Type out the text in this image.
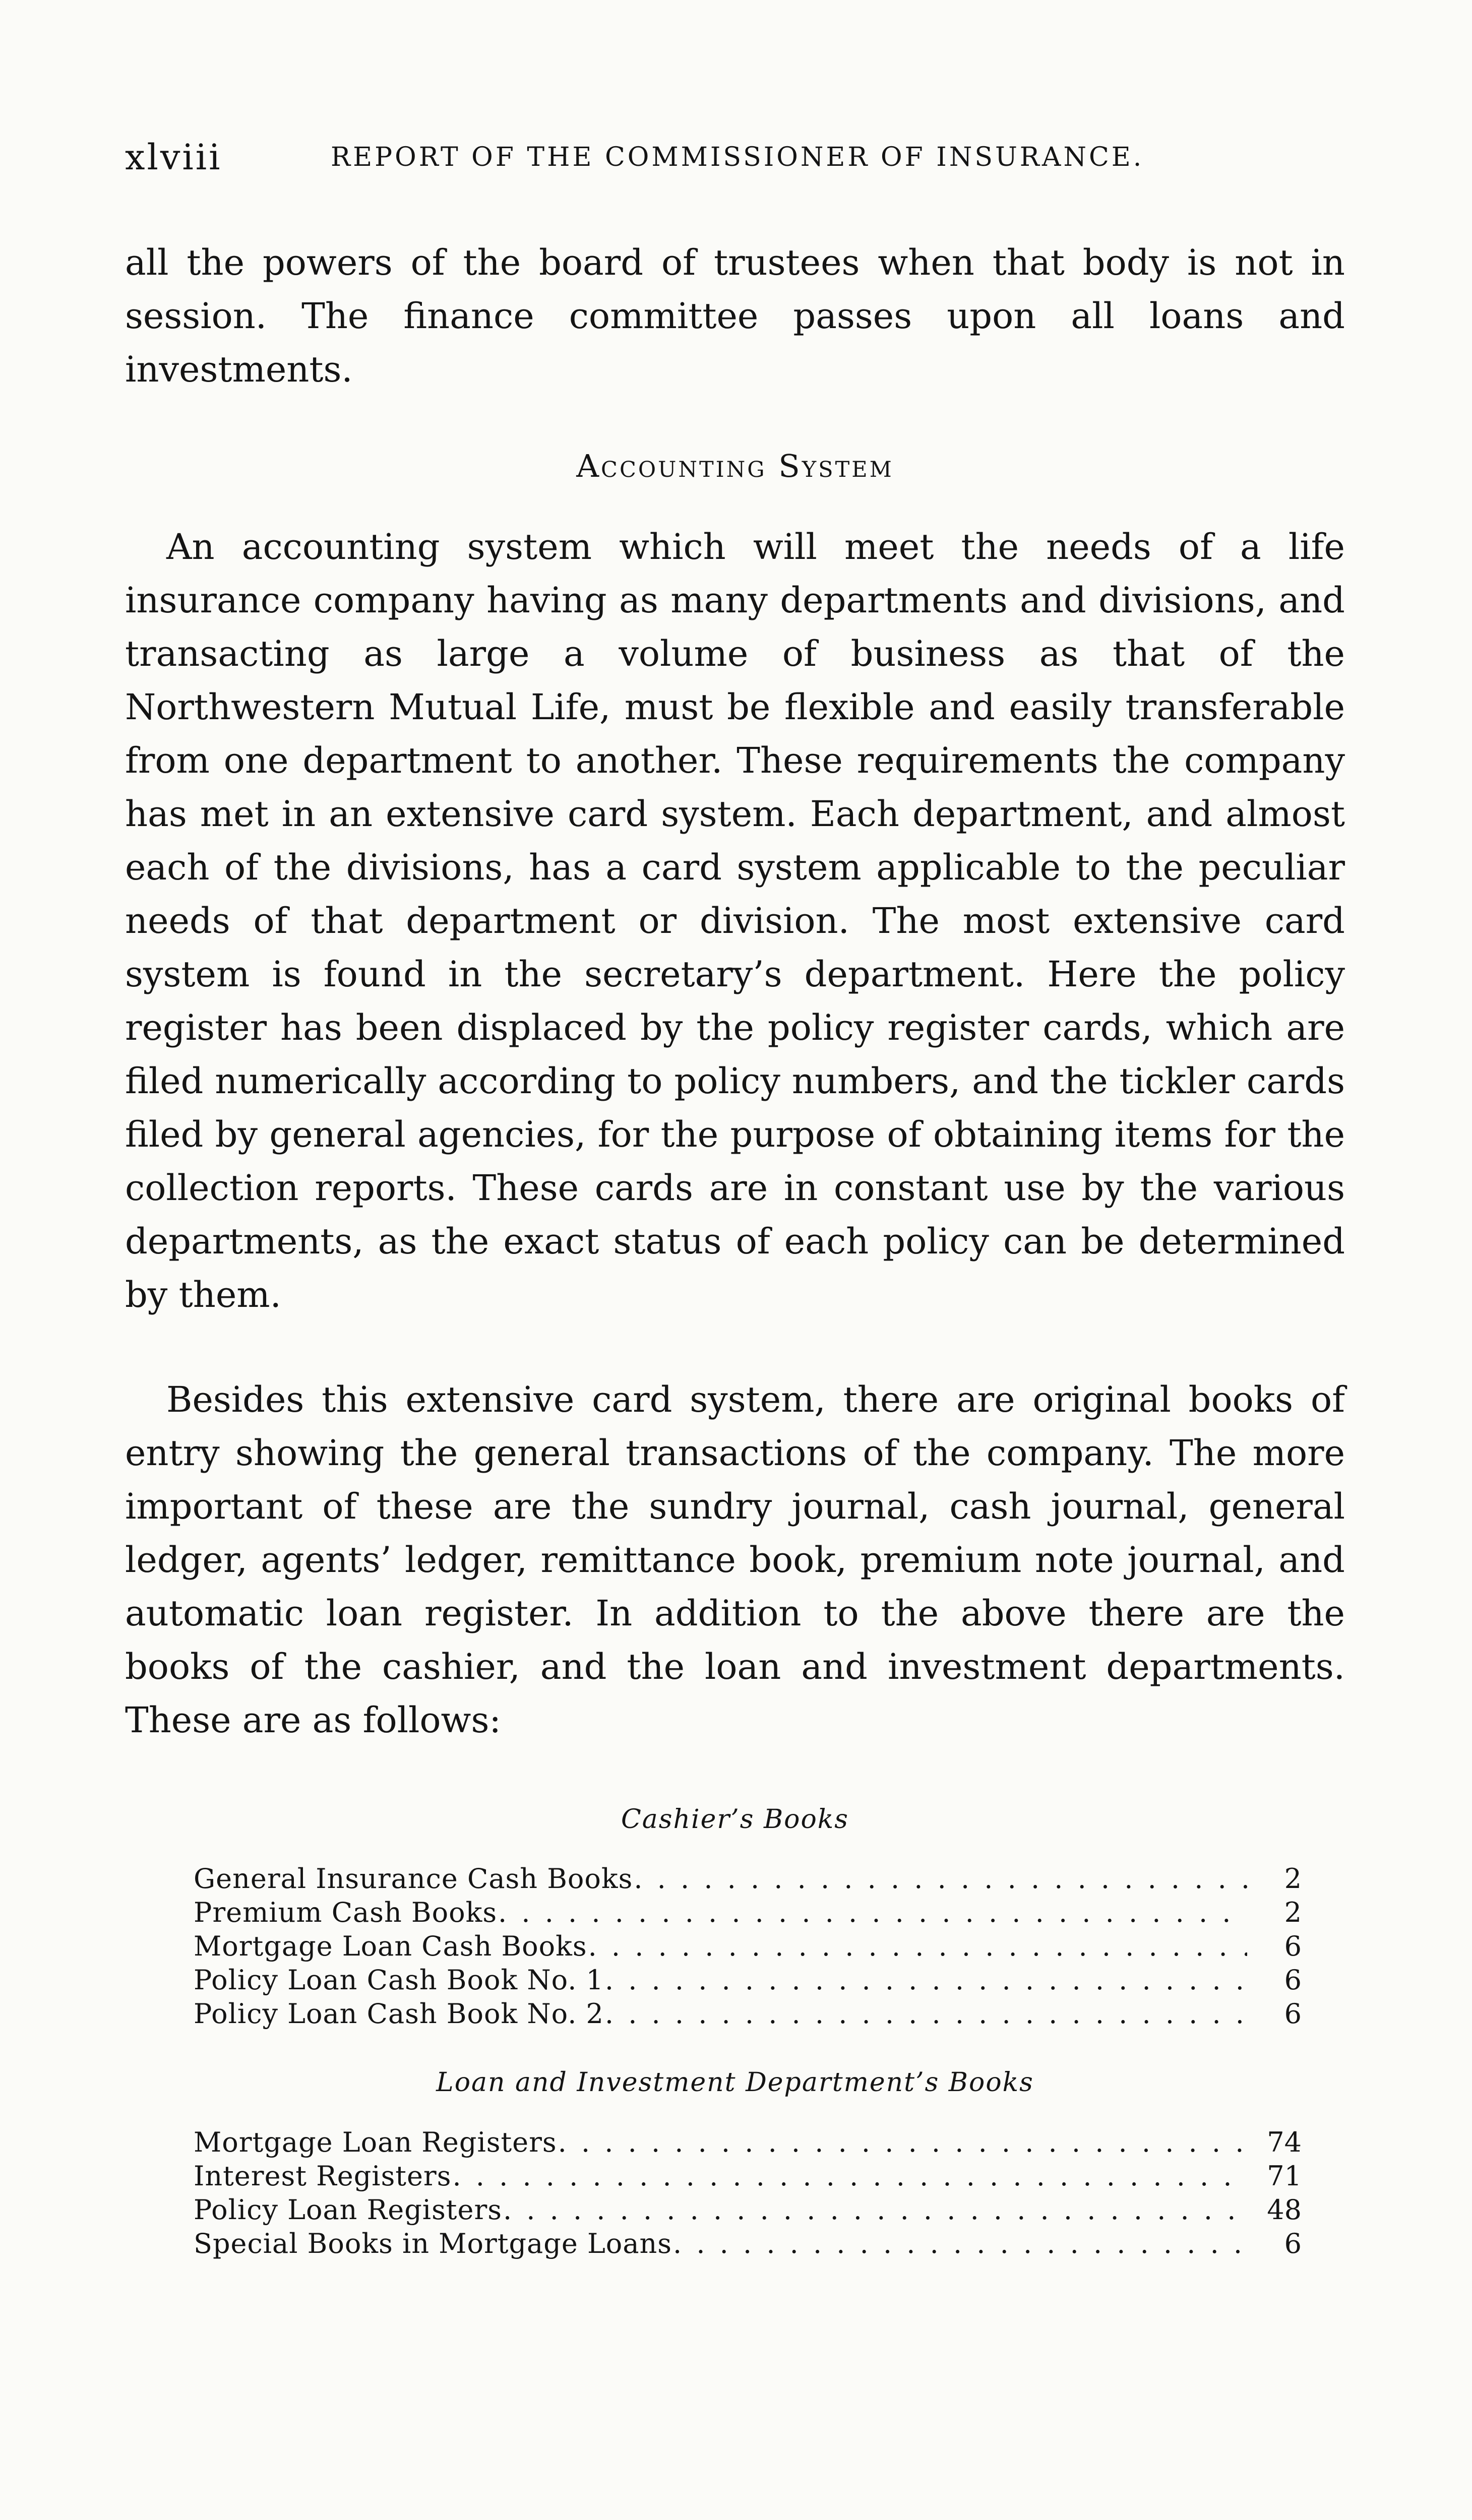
xlviii	REPORT OF THE COMMISSIONER OF INSURANCE.

all the powers of the board of trustees when that body is not in session. The finance committee passes upon all loans and investments.

Accounting System

An accounting system which will meet the needs of a life insurance company having as many departments and divisions, and transacting as large a volume of business as that of the Northwestern Mutual Life, must be flexible and easily transferable from one department to another. These requirements the company has met in an extensive card system. Each department, and almost each of the divisions, has a card system applicable to the peculiar needs of that department or division. The most extensive card system is found in the secretary’s department. Here the policy register has been displaced by the policy register cards, which are filed numerically according to policy numbers, and the tickler cards filed by general agencies, for the purpose of obtaining items for the collection reports. These cards are in constant use by the various departments, as the exact status of each policy can be determined by them.

Besides this extensive card system, there are original books of entry showing the general transactions of the company. The more important of these are the sundry journal, cash journal, general ledger, agents’ ledger, remittance book, premium note journal, and automatic loan register. In addition to the above there are the books of the cashier, and the loan and investment departments. These are as follows:

Cashier’s Books
General Insurance Cash Books . . .	2
Premium Cash Books . . .	2
Mortgage Loan Cash Books . . .	6
Policy Loan Cash Book No. 1 . . .	6
Policy Loan Cash Book No. 2 . . .	6
Loan and Investment Department’s Books
Mortgage Loan Registers . . .	74
Interest Registers . . .	71
Policy Loan Registers . . .	48
Special Books in Mortgage Loans . . .	6
